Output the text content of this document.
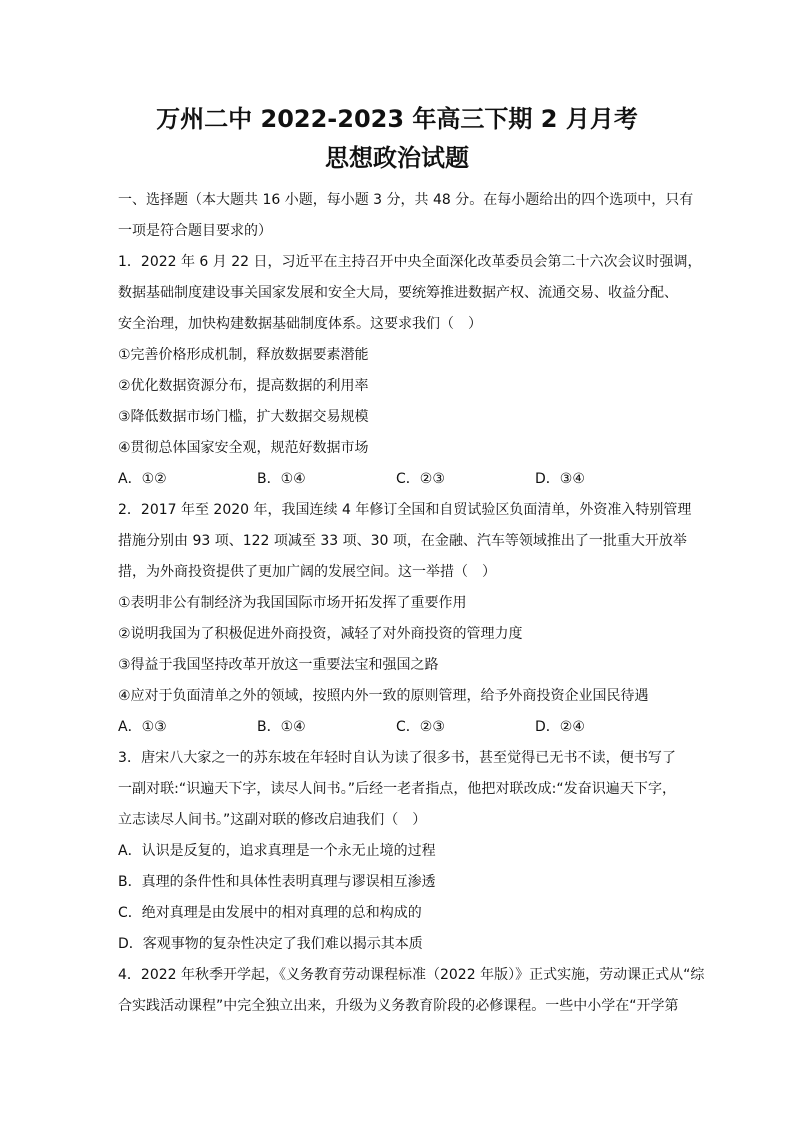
万州二中 2022-2023 年高三下期 2 月月考
思想政治试题
一、选择题（本大题共 16 小题，每小题 3 分，共 48 分。在每小题给出的四个选项中，只有
一项是符合题目要求的）
1．2022 年 6 月 22 日，习近平在主持召开中央全面深化改革委员会第二十六次会议时强调，
数据基础制度建设事关国家发展和安全大局，要统筹推进数据产权、流通交易、收益分配、
安全治理，加快构建数据基础制度体系。这要求我们（　）
①完善价格形成机制，释放数据要素潜能
②优化数据资源分布，提高数据的利用率
③降低数据市场门槛，扩大数据交易规模
④贯彻总体国家安全观，规范好数据市场
A．①②	B．①④	C．②③	D．③④
2．2017 年至 2020 年，我国连续 4 年修订全国和自贸试验区负面清单，外资准入特别管理
措施分别由 93 项、122 项减至 33 项、30 项，在金融、汽车等领域推出了一批重大开放举
措，为外商投资提供了更加广阔的发展空间。这一举措（　）
①表明非公有制经济为我国国际市场开拓发挥了重要作用
②说明我国为了积极促进外商投资，减轻了对外商投资的管理力度
③得益于我国坚持改革开放这一重要法宝和强国之路
④应对于负面清单之外的领域，按照内外一致的原则管理，给予外商投资企业国民待遇
A．①③	B．①④	C．②③	D．②④
3．唐宋八大家之一的苏东坡在年轻时自认为读了很多书，甚至觉得已无书不读，便书写了
一副对联:“识遍天下字，读尽人间书。”后经一老者指点，他把对联改成:“发奋识遍天下字，
立志读尽人间书。”这副对联的修改启迪我们（　）
A．认识是反复的，追求真理是一个永无止境的过程
B．真理的条件性和具体性表明真理与谬误相互渗透
C．绝对真理是由发展中的相对真理的总和构成的
D．客观事物的复杂性决定了我们难以揭示其本质
4．2022 年秋季开学起，《义务教育劳动课程标准（2022 年版）》正式实施，劳动课正式从“综
合实践活动课程”中完全独立出来，升级为义务教育阶段的必修课程。一些中小学在“开学第
